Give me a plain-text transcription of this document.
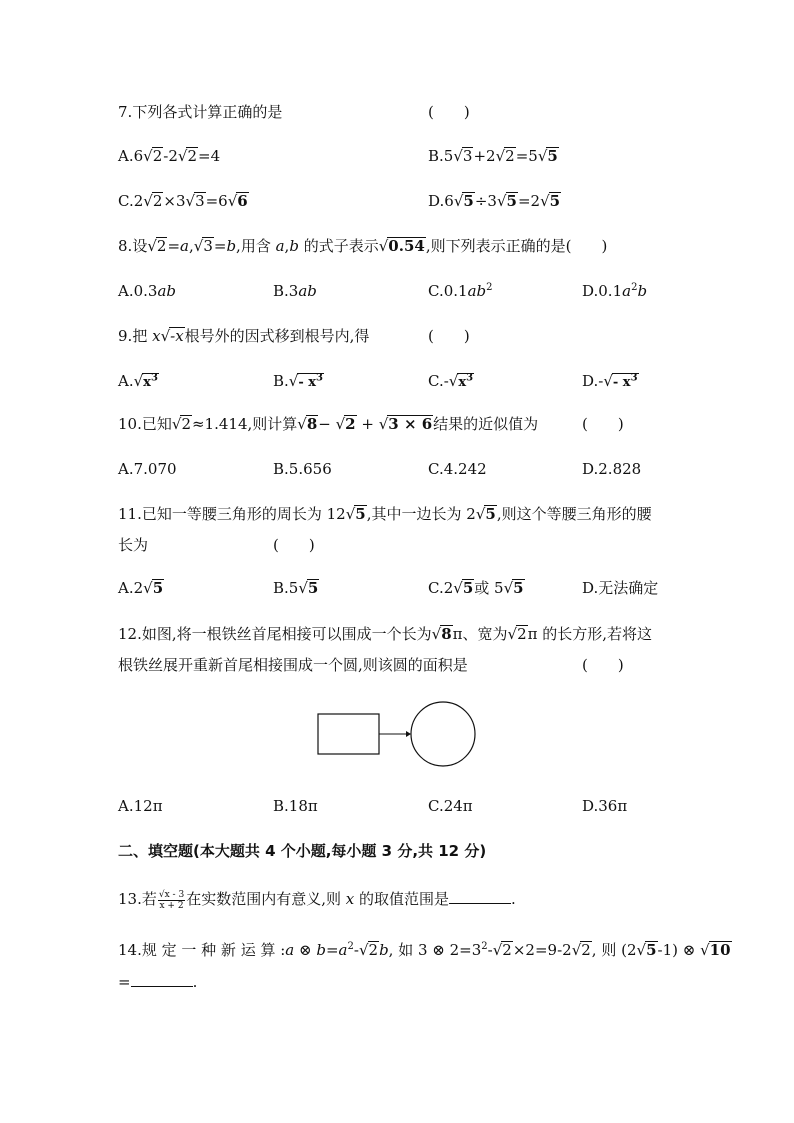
7.下列各式计算正确的是	(　　)
A.6√2-2√2=4	B.5√3+2√2=5√5
C.2√2×3√3=6√6	D.6√5÷3√5=2√5
8.设√2=a,√3=b,用含 a,b 的式子表示√0.54,则下列表示正确的是(　　)
A.0.3ab	B.3ab	$C.0.1ab^2$	$D.0.1a^2b$
9.把 x√-x根号外的因式移到根号内,得	(　　)
$A.√x^3$	B.√- $x^3$	$C.-√x^3$	D.-√- $x^3$
10.已知√2≈1.414,则计算√8− √2 + √3 × 6结果的近似值为	(　　)
A.7.070	B.5.656	C.4.242	D.2.828
11.已知一等腰三角形的周长为 12√5,其中一边长为 2√5,则这个等腰三角形的腰
长为	(　　)
A.2√5	B.5√5	C.2√5或 5√5	D.无法确定
12.如图,将一根铁丝首尾相接可以围成一个长为√8π、宽为√2π 的长方形,若将这
根铁丝展开重新首尾相接围成一个圆,则该圆的面积是	(　　)
A.12π	B.18π	C.24π	D.36π
二、填空题(本大题共 4 个小题,每小题 3 分,共 12 分)
13.若 $\frac{√x - 3}{x + 2}$ 在实数范围内有意义,则 x 的取值范围是	.
14.规 定 一 种 新 运 算 :a ⊗ $b=a^2-√2b$, 如 3 ⊗ $2=3^2-√2\times 2=9-2√2$, 则 (2√5-1) ⊗ √10
=	.
